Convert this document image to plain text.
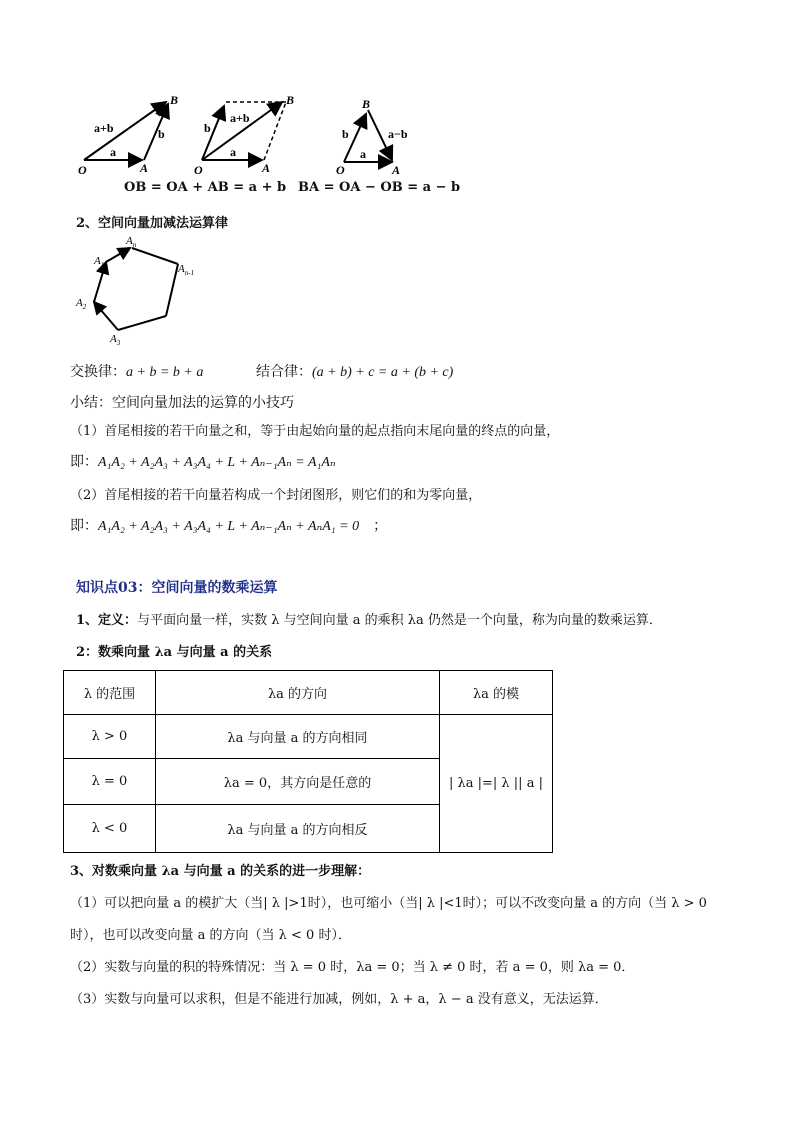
O	A
B
a
b
a+b
O	A
B
a
b
a+b
O	A
B
a
b	a−b
OB = OA + AB = a + b BA = OA − OB = a − b
2、空间向量加减法运算律
$A_n$
$A_1$	$A_{n-1}$
$A_2$
$A_3$
交换律：a + b = b + a	结合律：(a + b) + c = a + (b + c)
小结：空间向量加法的运算的小技巧
（1）首尾相接的若干向量之和，等于由起始向量的起点指向末尾向量的终点的向量，
即：A₁A₂ + A₂A₃ + A₃A₄ + L + Aₙ₋₁Aₙ = A₁Aₙ
（2）首尾相接的若干向量若构成一个封闭图形，则它们的和为零向量，
即：A₁A₂ + A₂A₃ + A₃A₄ + L + Aₙ₋₁Aₙ + AₙA₁ = 0 ；
知识点03：空间向量的数乘运算
1、定义：与平面向量一样，实数 λ 与空间向量 a 的乘积 λa 仍然是一个向量，称为向量的数乘运算．
2：数乘向量 λa 与向量 a 的关系
λ 的范围	λa 的方向	λa 的模
λ > 0	λa 与向量 a 的方向相同	| λa |=| λ || a |
λ = 0	λa = 0，其方向是任意的	
λ < 0	λa 与向量 a 的方向相反	
3、对数乘向量 λa 与向量 a 的关系的进一步理解：
（1）可以把向量 a 的模扩大（当| λ |>1时），也可缩小（当| λ |<1时）；可以不改变向量 a 的方向（当 λ > 0
时），也可以改变向量 a 的方向（当 λ < 0 时）．
（2）实数与向量的积的特殊情况：当 λ = 0 时，λa = 0；当 λ ≠ 0 时，若 a = 0，则 λa = 0．
（3）实数与向量可以求积，但是不能进行加减，例如，λ + a，λ − a 没有意义，无法运算．
